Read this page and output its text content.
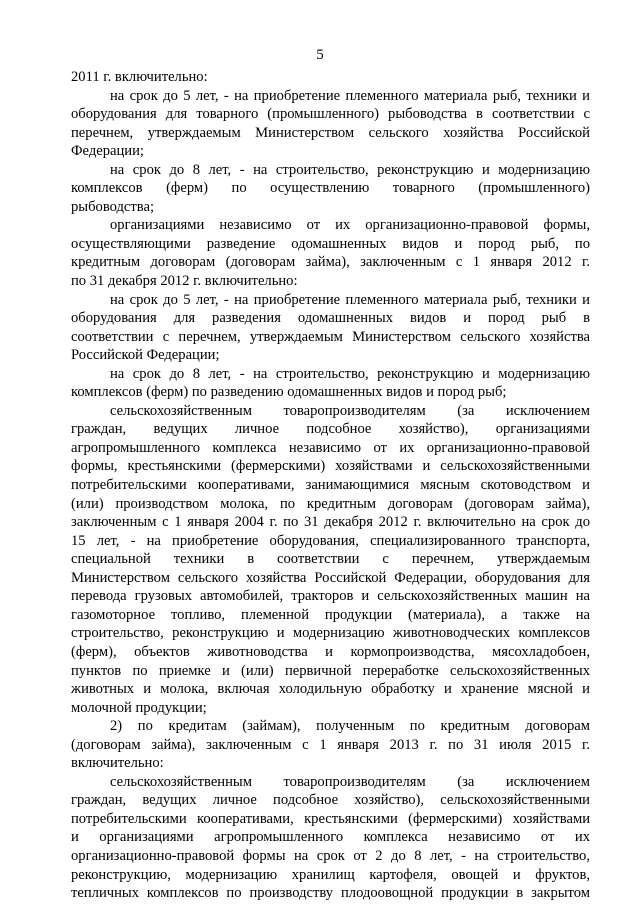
5
2011 г. включительно:
на срок до 5 лет, - на приобретение племенного материала рыб, техники и
оборудования для товарного (промышленного) рыбоводства в соответствии с
перечнем, утверждаемым Министерством сельского хозяйства Российской
Федерации;
на срок до 8 лет, - на строительство, реконструкцию и модернизацию
комплексов (ферм) по осуществлению товарного (промышленного)
рыбоводства;
организациями независимо от их организационно-правовой формы,
осуществляющими разведение одомашненных видов и пород рыб, по
кредитным договорам (договорам займа), заключенным с 1 января 2012 г.
по 31 декабря 2012 г. включительно:
на срок до 5 лет, - на приобретение племенного материала рыб, техники и
оборудования для разведения одомашненных видов и пород рыб в
соответствии с перечнем, утверждаемым Министерством сельского хозяйства
Российской Федерации;
на срок до 8 лет, - на строительство, реконструкцию и модернизацию
комплексов (ферм) по разведению одомашненных видов и пород рыб;
сельскохозяйственным товаропроизводителям (за исключением
граждан, ведущих личное подсобное хозяйство), организациями
агропромышленного комплекса независимо от их организационно-правовой
формы, крестьянскими (фермерскими) хозяйствами и сельскохозяйственными
потребительскими кооперативами, занимающимися мясным скотоводством и
(или) производством молока, по кредитным договорам (договорам займа),
заключенным с 1 января 2004 г. по 31 декабря 2012 г. включительно на срок до
15 лет, - на приобретение оборудования, специализированного транспорта,
специальной техники в соответствии с перечнем, утверждаемым
Министерством сельского хозяйства Российской Федерации, оборудования для
перевода грузовых автомобилей, тракторов и сельскохозяйственных машин на
газомоторное топливо, племенной продукции (материала), а также на
строительство, реконструкцию и модернизацию животноводческих комплексов
(ферм), объектов животноводства и кормопроизводства, мясохладобоен,
пунктов по приемке и (или) первичной переработке сельскохозяйственных
животных и молока, включая холодильную обработку и хранение мясной и
молочной продукции;
2) по кредитам (займам), полученным по кредитным договорам
(договорам займа), заключенным с 1 января 2013 г. по 31 июля 2015 г.
включительно:
сельскохозяйственным товаропроизводителям (за исключением
граждан, ведущих личное подсобное хозяйство), сельскохозяйственными
потребительскими кооперативами, крестьянскими (фермерскими) хозяйствами
и организациями агропромышленного комплекса независимо от их
организационно-правовой формы на срок от 2 до 8 лет, - на строительство,
реконструкцию, модернизацию хранилищ картофеля, овощей и фруктов,
тепличных комплексов по производству плодоовощной продукции в закрытом
